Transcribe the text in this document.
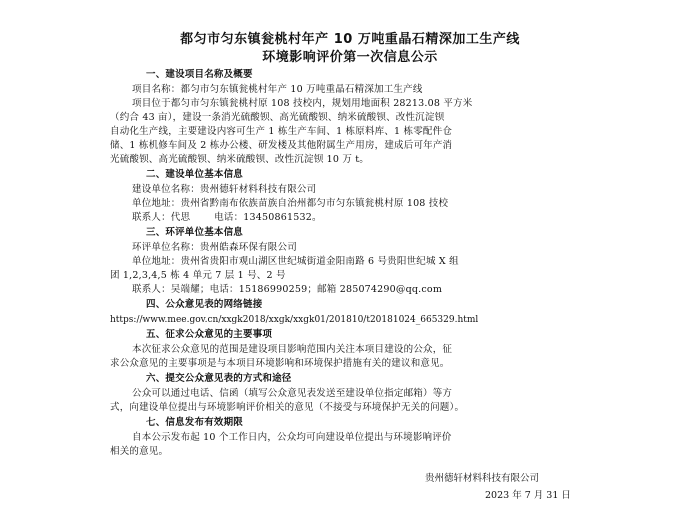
都匀市匀东镇瓮桃村年产 10 万吨重晶石精深加工生产线
环境影响评价第一次信息公示
一、建设项目名称及概要
项目名称：都匀市匀东镇瓮桃村年产 10 万吨重晶石精深加工生产线
项目位于都匀市匀东镇瓮桃村原 108 技校内，规划用地面积 28213.08 平方米
（约合 43 亩），建设一条消光硫酸钡、高光硫酸钡、纳米硫酸钡、改性沉淀钡
自动化生产线，主要建设内容可生产 1 栋生产车间、1 栋原料库、1 栋零配件仓
储、1 栋机修车间及 2 栋办公楼、研发楼及其他附属生产用房，建成后可年产消
光硫酸钡、高光硫酸钡、纳米硫酸钡、改性沉淀钡 10 万 t。
二、建设单位基本信息
建设单位名称：贵州德轩材料科技有限公司
单位地址：贵州省黔南布依族苗族自治州都匀市匀东镇瓮桃村原 108 技校
联系人：代思	电话：13450861532。
三、环评单位基本信息
环评单位名称：贵州皓森环保有限公司
单位地址：贵州省贵阳市观山湖区世纪城街道金阳南路 6 号贵阳世纪城 X 组
团 1,2,3,4,5 栋 4 单元 7 层 1 号、2 号
联系人：吴端耀；电话：15186990259；邮箱 285074290@qq.com
四、公众意见表的网络链接
https://www.mee.gov.cn/xxgk2018/xxgk/xxgk01/201810/t20181024_665329.html
五、征求公众意见的主要事项
本次征求公众意见的范围是建设项目影响范围内关注本项目建设的公众，征
求公众意见的主要事项是与本项目环境影响和环境保护措施有关的建议和意见。
六、提交公众意见表的方式和途径
公众可以通过电话、信函（填写公众意见表发送至建设单位指定邮箱）等方
式，向建设单位提出与环境影响评价相关的意见（不接受与环境保护无关的问题）。
七、信息发布有效期限
自本公示发布起 10 个工作日内，公众均可向建设单位提出与环境影响评价
相关的意见。
贵州德轩材料科技有限公司
2023 年 7 月 31 日
